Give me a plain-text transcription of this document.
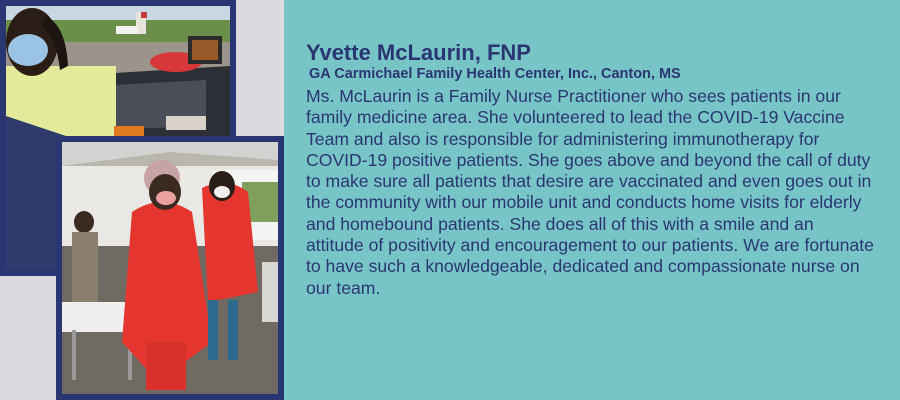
Yvette McLaurin, FNP

GA Carmichael Family Health Center, Inc., Canton, MS

Ms. McLaurin is a Family Nurse Practitioner who sees patients in our family medicine area. She volunteered to lead the COVID-19 Vaccine Team and also is responsible for administering immunotherapy for COVID-19 positive patients. She goes above and beyond the call of duty to make sure all patients that desire are vaccinated and even goes out in the community with our mobile unit and conducts home visits for elderly and homebound patients. She does all of this with a smile and an attitude of positivity and encouragement to our patients. We are fortunate to have such a knowledgeable, dedicated and compassionate nurse on our team.
